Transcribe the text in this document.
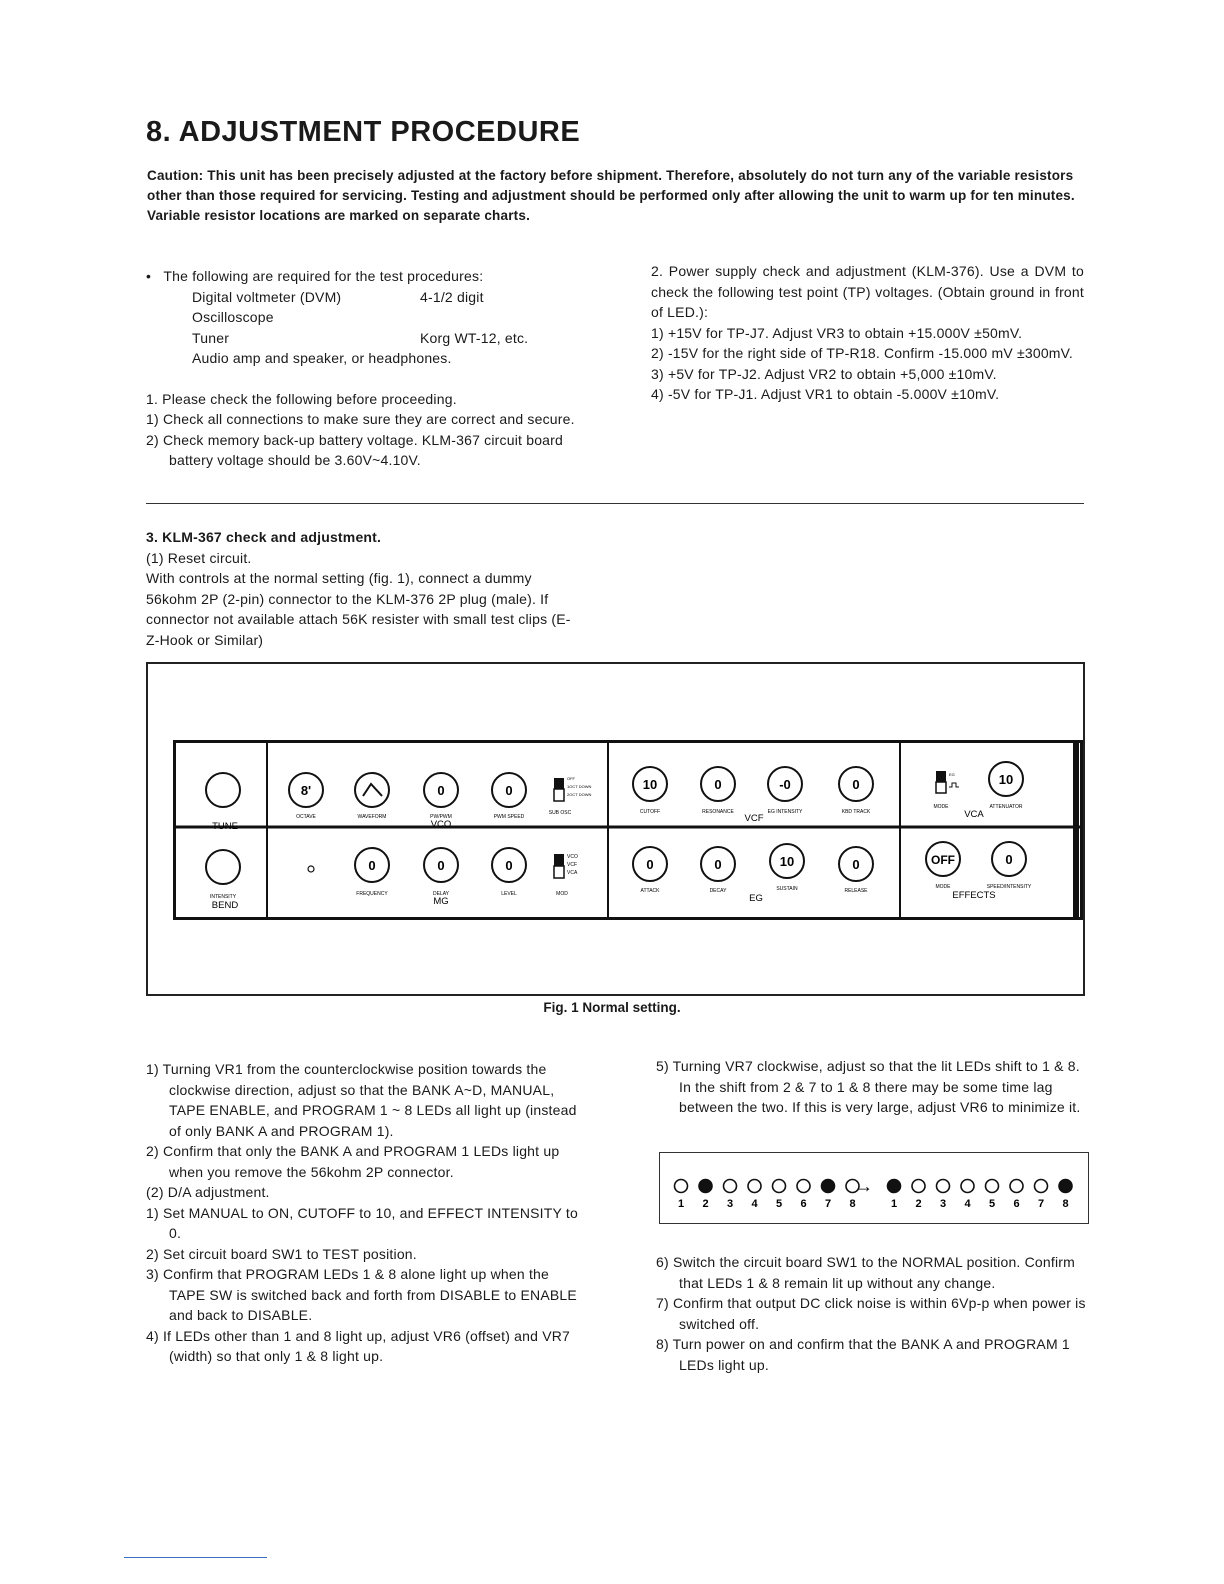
8. ADJUSTMENT PROCEDURE
Caution: This unit has been precisely adjusted at the factory before shipment. Therefore, absolutely do not turn any of the variable resistors other than those required for servicing. Testing and adjustment should be performed only after allowing the unit to warm up for ten minutes. Variable resistor locations are marked on separate charts.

•   The following are required for the test procedures:

Digital voltmeter (DVM)	4-1/2 digit
Oscilloscope
Tuner	Korg WT-12, etc.
Audio amp and speaker, or headphones.

1. Please check the following before proceeding.

1) Check all connections to make sure they are correct and secure.

2) Check memory back-up battery voltage. KLM-367 circuit board battery voltage should be 3.60V~4.10V.

2. Power supply check and adjustment (KLM-376). Use a DVM to check the following test point (TP) voltages. (Obtain ground in front of LED.):

1) +15V for TP-J7. Adjust VR3 to obtain +15.000V ±50mV.

2) -15V for the right side of TP-R18. Confirm -15.000 mV ±300mV.

3) +5V for TP-J2. Adjust VR2 to obtain +5,000 ±10mV.

4) -5V for TP-J1. Adjust VR1 to obtain -5.000V ±10mV.

3. KLM-367 check and adjustment.

(1) Reset circuit.

With controls at the normal setting (fig. 1), connect a dummy 56kohm 2P (2-pin) connector to the KLM-376 2P plug (male). If connector not available attach 56K resister with small test clips (E-Z-Hook or Similar)

TUNE
INTENSITY
BEND
8'
OCTAVE	WAVEFORM
0
PW/PWM
VCO
0
PWM SPEED
OFF
1OCT DOWN
2OCT DOWN
SUB OSC
10
CUTOFF
0
RESONANCE
-0
EG INTENSITY
VCF
0
KBD TRACK
EG
MODE
10
ATTENUATOR
VCA
0
FREQUENCY
0
DELAY
MG
0
LEVEL
VCO
VCF
VCA
MOD
0
ATTACK
0
DECAY
10
SUSTAIN
EG
0
RELEASE
OFF
MODE
0
SPEED/INTENSITY
EFFECTS
Fig. 1 Normal setting.

1) Turning VR1 from the counterclockwise position towards the clockwise direction, adjust so that the BANK A~D, MANUAL, TAPE ENABLE, and PROGRAM 1 ~ 8 LEDs all light up (instead of only BANK A and PROGRAM 1).

2) Confirm that only the BANK A and PROGRAM 1 LEDs light up when you remove the 56kohm 2P connector.

(2) D/A adjustment.

1) Set MANUAL to ON, CUTOFF to 10, and EFFECT INTENSITY to 0.

2) Set circuit board SW1 to TEST position.

3) Confirm that PROGRAM LEDs 1 & 8 alone light up when the TAPE SW is switched back and forth from DISABLE to ENABLE and back to DISABLE.

4) If LEDs other than 1 and 8 light up, adjust VR6 (offset) and VR7 (width) so that only 1 & 8 light up.

5) Turning VR7 clockwise, adjust so that the lit LEDs shift to 1 & 8. In the shift from 2 & 7 to 1 & 8 there may be some time lag between the two. If this is very large, adjust VR6 to minimize it.

1 2 3 4 5 6 7 8
→
1 2 3 4 5 6 7 8

6) Switch the circuit board SW1 to the NORMAL position. Confirm that LEDs 1 & 8 remain lit up without any change.

7) Confirm that output DC click noise is within 6Vp-p when power is switched off.

8) Turn power on and confirm that the BANK A and PROGRAM 1 LEDs light up.
